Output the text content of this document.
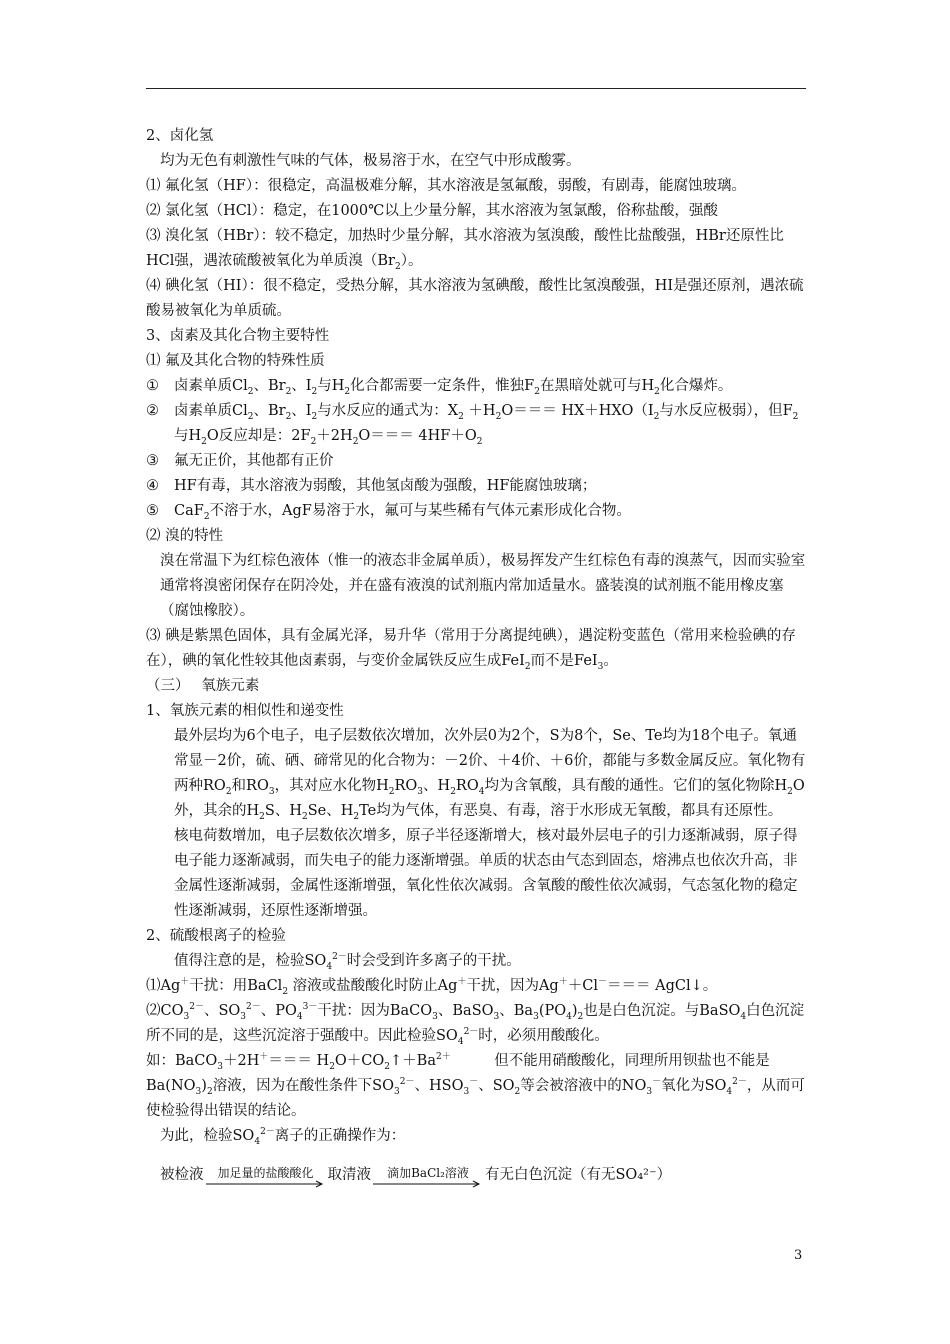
2、卤化氢

均为无色有刺激性气味的气体，极易溶于水，在空气中形成酸雾。

⑴ 氟化氢（HF）：很稳定，高温极难分解，其水溶液是氢氟酸，弱酸，有剧毒，能腐蚀玻璃。

⑵ 氯化氢（HCl）：稳定，在1000℃以上少量分解，其水溶液为氢氯酸，俗称盐酸，强酸

⑶ 溴化氢（HBr）：较不稳定，加热时少量分解，其水溶液为氢溴酸，酸性比盐酸强，HBr还原性比HCl强，遇浓硫酸被氧化为单质溴$(Br_2)$。

⑷ 碘化氢（HI）：很不稳定，受热分解，其水溶液为氢碘酸，酸性比氢溴酸强，HI是强还原剂，遇浓硫酸易被氧化为单质硫。

3、卤素及其化合物主要特性

⑴ 氟及其化合物的特殊性质

① 卤素单质$Cl_2$、$Br_2$、$I_2$与$H_2$化合都需要一定条件，惟独$F_2$在黑暗处就可与$H_2$化合爆炸。

② 卤素单质$Cl_2$、$Br_2$、$I_2$与水反应的通式为：$X_2 +H_2O=== HX+HXO(I_2$与水反应极弱），但$F_2$与$H_2O$反应却是：$2F_2+2H_2O=== 4HF+O_2$

③ 氟无正价，其他都有正价

④ HF有毒，其水溶液为弱酸，其他氢卤酸为强酸，HF能腐蚀玻璃；

⑤ CaF$_2$不溶于水，AgF易溶于水，氟可与某些稀有气体元素形成化合物。

⑵ 溴的特性

溴在常温下为红棕色液体（惟一的液态非金属单质），极易挥发产生红棕色有毒的溴蒸气，因而实验室通常将溴密闭保存在阴冷处，并在盛有液溴的试剂瓶内常加适量水。盛装溴的试剂瓶不能用橡皮塞（腐蚀橡胶）。

⑶ 碘是紫黑色固体，具有金属光泽，易升华（常用于分离提纯碘），遇淀粉变蓝色（常用来检验碘的存在），碘的氧化性较其他卤素弱，与变价金属铁反应生成FeI$_2$而不是FeI$_3$。

（三）　 氧族元素

1、氧族元素的相似性和递变性

最外层均为6个电子，电子层数依次增加，次外层0为2个，S为8个，Se、Te均为18个电子。氧通常显－2价，硫、硒、碲常见的化合物为：－2价、＋4价、＋6价，都能与多数金属反应。氧化物有两种$RO_2$和$RO_3$，其对应水化物$H_2RO_3$、$H_2RO_4$均为含氧酸，具有酸的通性。它们的氢化物除$H_2O$外，其余的$H_2S$、$H_2Se$、$H_2Te$均为气体，有恶臭、有毒，溶于水形成无氧酸，都具有还原性。

核电荷数增加，电子层数依次增多，原子半径逐渐增大，核对最外层电子的引力逐渐减弱，原子得电子能力逐渐减弱，而失电子的能力逐渐增强。单质的状态由气态到固态，熔沸点也依次升高，非金属性逐渐减弱，金属性逐渐增强，氧化性依次减弱。含氧酸的酸性依次减弱，气态氢化物的稳定性逐渐减弱，还原性逐渐增强。

2、硫酸根离子的检验

值得注意的是，检验$SO_4^{2-}$时会受到许多离子的干扰。

⑴Ag＋干扰：用BaCl$_2$ 溶液或盐酸酸化时防止Ag＋干扰，因为Ag＋＋Cl－＝＝＝ AgCl↓。

$⑵CO_3^{2-}$、$SO_3^{2-}$、$PO_4^{3-}$干扰：因为BaCO$_3$、BaSO$_3$、$Ba_3(PO_4)_2$也是白色沉淀。与BaSO$_4$白色沉淀所不同的是，这些沉淀溶于强酸中。因此检验$SO_4^{2-}$时，必须用酸酸化。

如：BaCO$_3$＋2H＋＝＝＝ $H_2O+CO_2↑+Ba^{2+}$　　　但不能用硝酸酸化，同理所用钡盐也不能是$Ba(NO_3)_2$溶液，因为在酸性条件下$SO_3^{2-}$、$HSO_3^-$、$SO_2$等会被溶液中的$NO_3^-$氧化为$SO_4^{2-}$，从而可使检验得出错误的结论。

为此，检验$SO_4^{2-}$离子的正确操作为：

被检液	加足量的盐酸酸化 取清液	滴加BaCl₂溶液 有无白色沉淀（有无SO₄²⁻）
3
